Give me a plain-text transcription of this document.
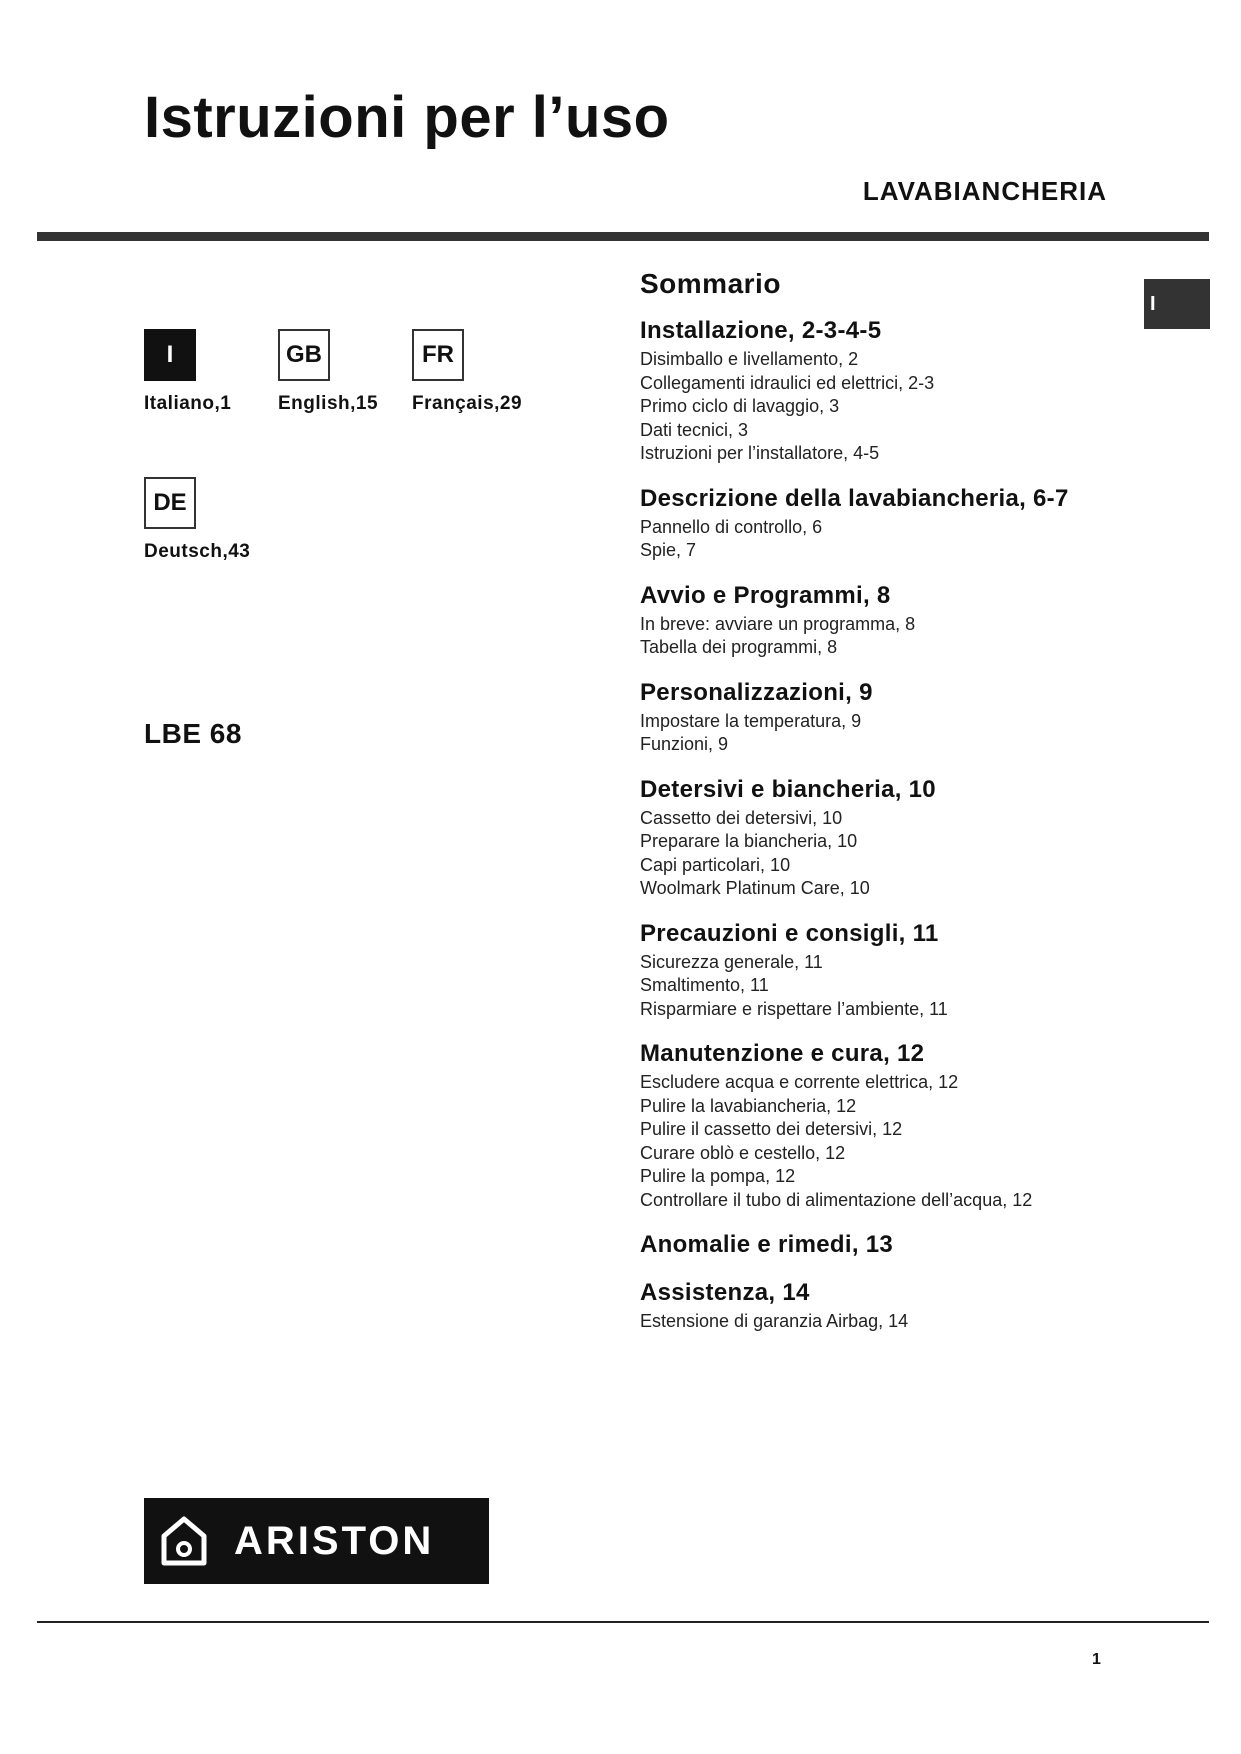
Istruzioni per l’uso
LAVABIANCHERIA
I
I
Italiano,1
GB
English,15
FR
Français,29
DE
Deutsch,43
LBE 68
Sommario
Installazione, 2-3-4-5
Disimballo e livellamento, 2
Collegamenti idraulici ed elettrici, 2-3
Primo ciclo di lavaggio, 3
Dati tecnici, 3
Istruzioni per l’installatore, 4-5
Descrizione della lavabiancheria, 6-7
Pannello di controllo, 6
Spie, 7
Avvio e Programmi, 8
In breve: avviare un programma, 8
Tabella dei programmi, 8
Personalizzazioni, 9
Impostare la temperatura, 9
Funzioni, 9
Detersivi e biancheria, 10
Cassetto dei detersivi, 10
Preparare la biancheria, 10
Capi particolari, 10
Woolmark Platinum Care, 10
Precauzioni e consigli, 11
Sicurezza generale, 11
Smaltimento, 11
Risparmiare e rispettare l’ambiente, 11
Manutenzione e cura, 12
Escludere acqua e corrente elettrica, 12
Pulire la lavabiancheria, 12
Pulire il cassetto dei detersivi, 12
Curare oblò e cestello, 12
Pulire la pompa, 12
Controllare il tubo di alimentazione dell’acqua, 12
Anomalie e rimedi, 13
Assistenza, 14
Estensione di garanzia Airbag, 14
ARISTON
1
